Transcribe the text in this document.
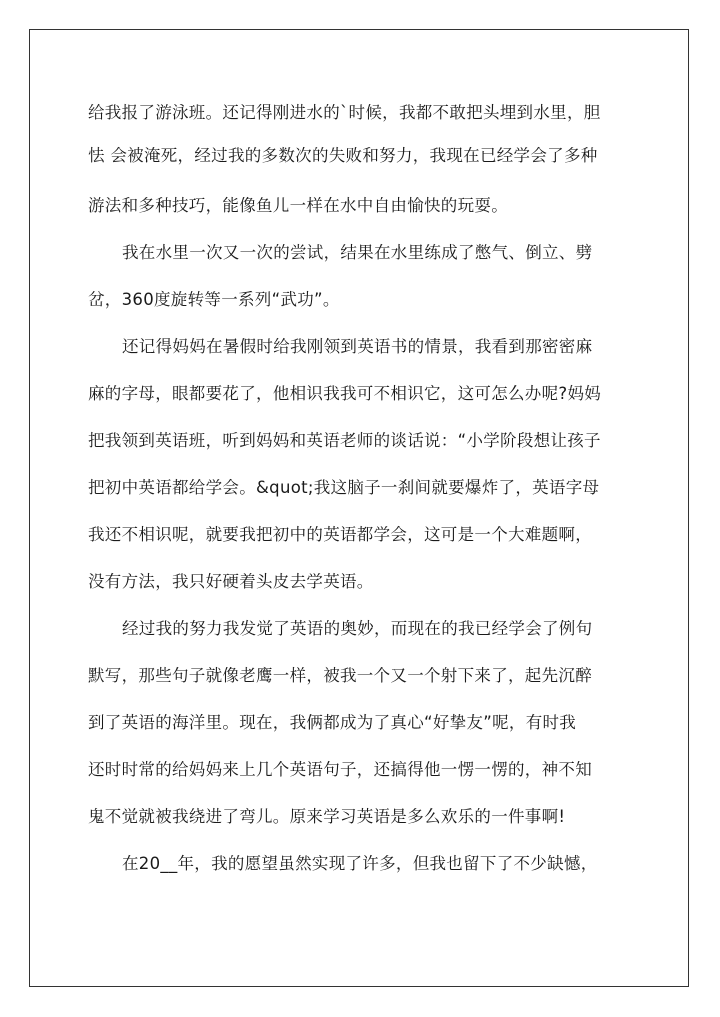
给我报了游泳班。还记得刚进水的`时候，我都不敢把头埋到水里，胆
怯 会被淹死，经过我的多数次的失败和努力，我现在已经学会了多种
游法和多种技巧，能像鱼儿一样在水中自由愉快的玩耍。
我在水里一次又一次的尝试，结果在水里练成了憋气、倒立、劈
岔，360度旋转等一系列“武功”。
还记得妈妈在暑假时给我刚领到英语书的情景，我看到那密密麻
麻的字母，眼都要花了，他相识我我可不相识它，这可怎么办呢?妈妈
把我领到英语班，听到妈妈和英语老师的谈话说：“小学阶段想让孩子
把初中英语都给学会。&quot;我这脑子一刹间就要爆炸了，英语字母
我还不相识呢，就要我把初中的英语都学会，这可是一个大难题啊，
没有方法，我只好硬着头皮去学英语。
经过我的努力我发觉了英语的奥妙，而现在的我已经学会了例句
默写，那些句子就像老鹰一样，被我一个又一个射下来了，起先沉醉
到了英语的海洋里。现在，我俩都成为了真心“好挚友”呢，有时我
还时时常的给妈妈来上几个英语句子，还搞得他一愣一愣的，神不知
鬼不觉就被我绕进了弯儿。原来学习英语是多么欢乐的一件事啊!
在20__年，我的愿望虽然实现了许多，但我也留下了不少缺憾，
